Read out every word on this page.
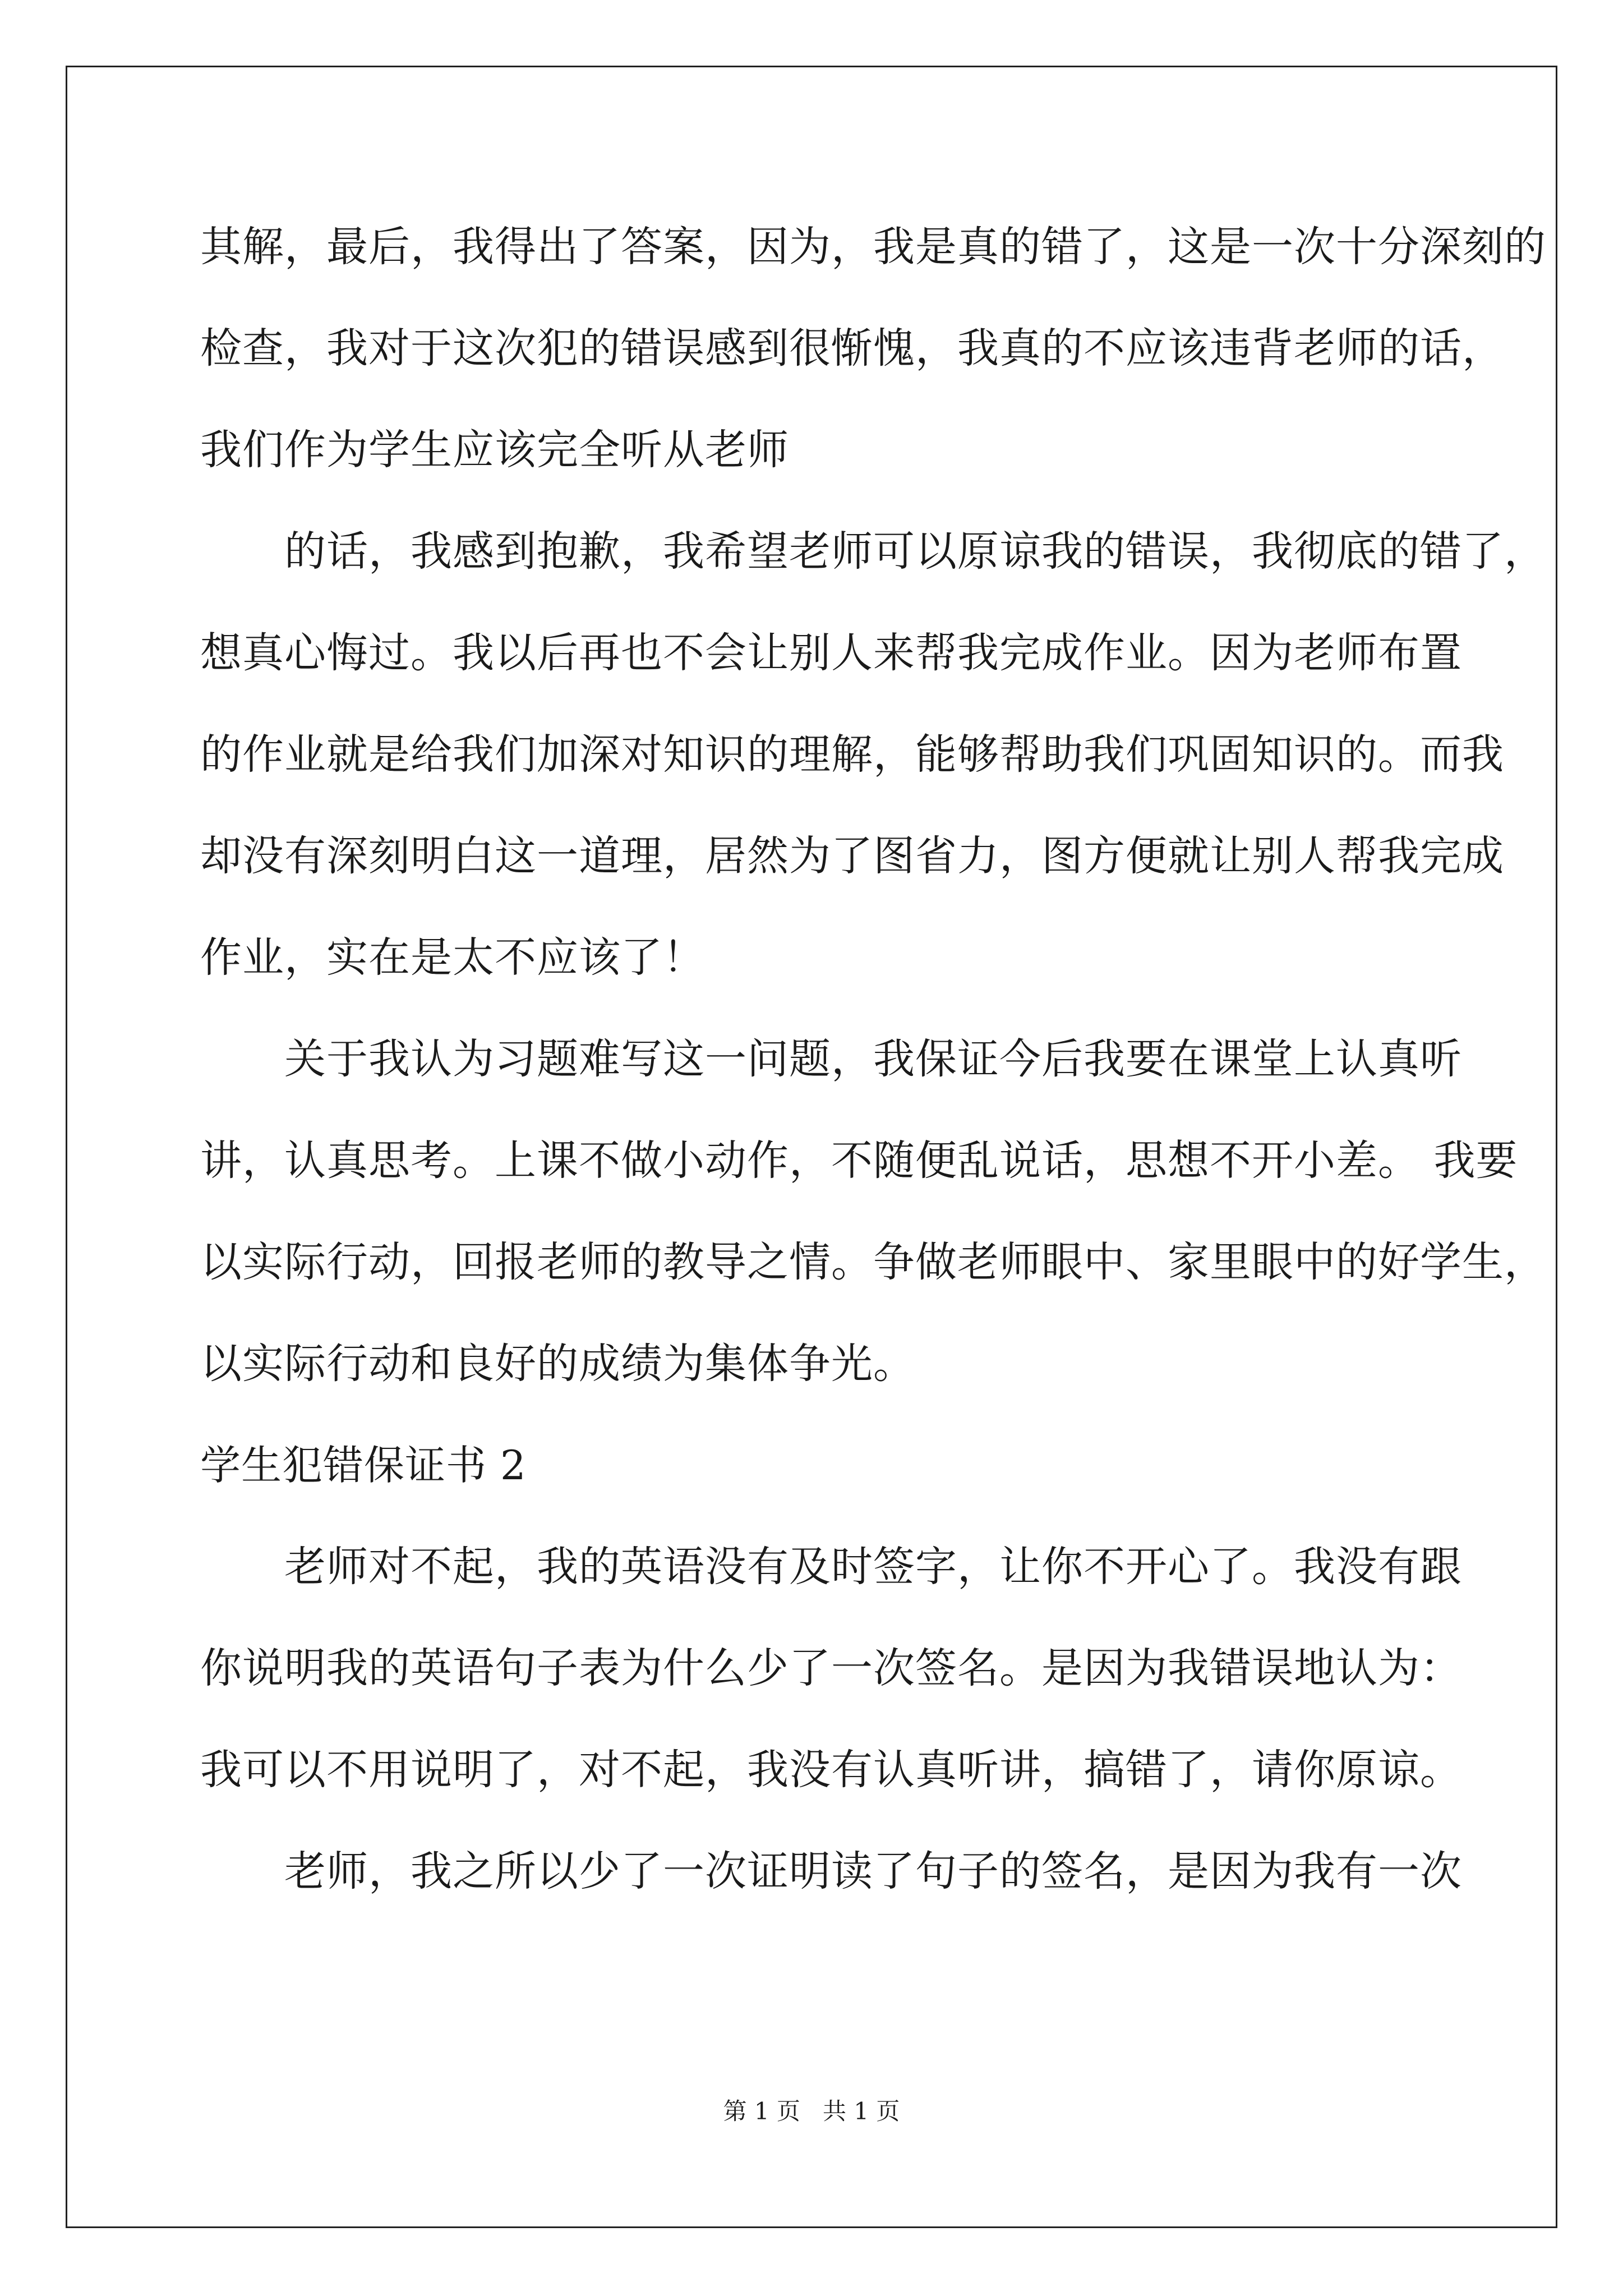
其解，最后，我得出了答案，因为，我是真的错了，这是一次十分深刻的
检查，我对于这次犯的错误感到很惭愧，我真的不应该违背老师的话，
我们作为学生应该完全听从老师
的话，我感到抱歉，我希望老师可以原谅我的错误，我彻底的错了，
想真心悔过。我以后再也不会让别人来帮我完成作业。因为老师布置
的作业就是给我们加深对知识的理解，能够帮助我们巩固知识的。而我
却没有深刻明白这一道理，居然为了图省力，图方便就让别人帮我完成
作业，实在是太不应该了！
关于我认为习题难写这一问题，我保证今后我要在课堂上认真听
讲，认真思考。上课不做小动作，不随便乱说话，思想不开小差。 我要
以实际行动，回报老师的教导之情。争做老师眼中、家里眼中的好学生，
以实际行动和良好的成绩为集体争光。
学生犯错保证书 2
老师对不起，我的英语没有及时签字，让你不开心了。我没有跟
你说明我的英语句子表为什么少了一次签名。是因为我错误地认为：
我可以不用说明了，对不起，我没有认真听讲，搞错了，请你原谅。
老师，我之所以少了一次证明读了句子的签名，是因为我有一次
第 1 页 共 1 页
